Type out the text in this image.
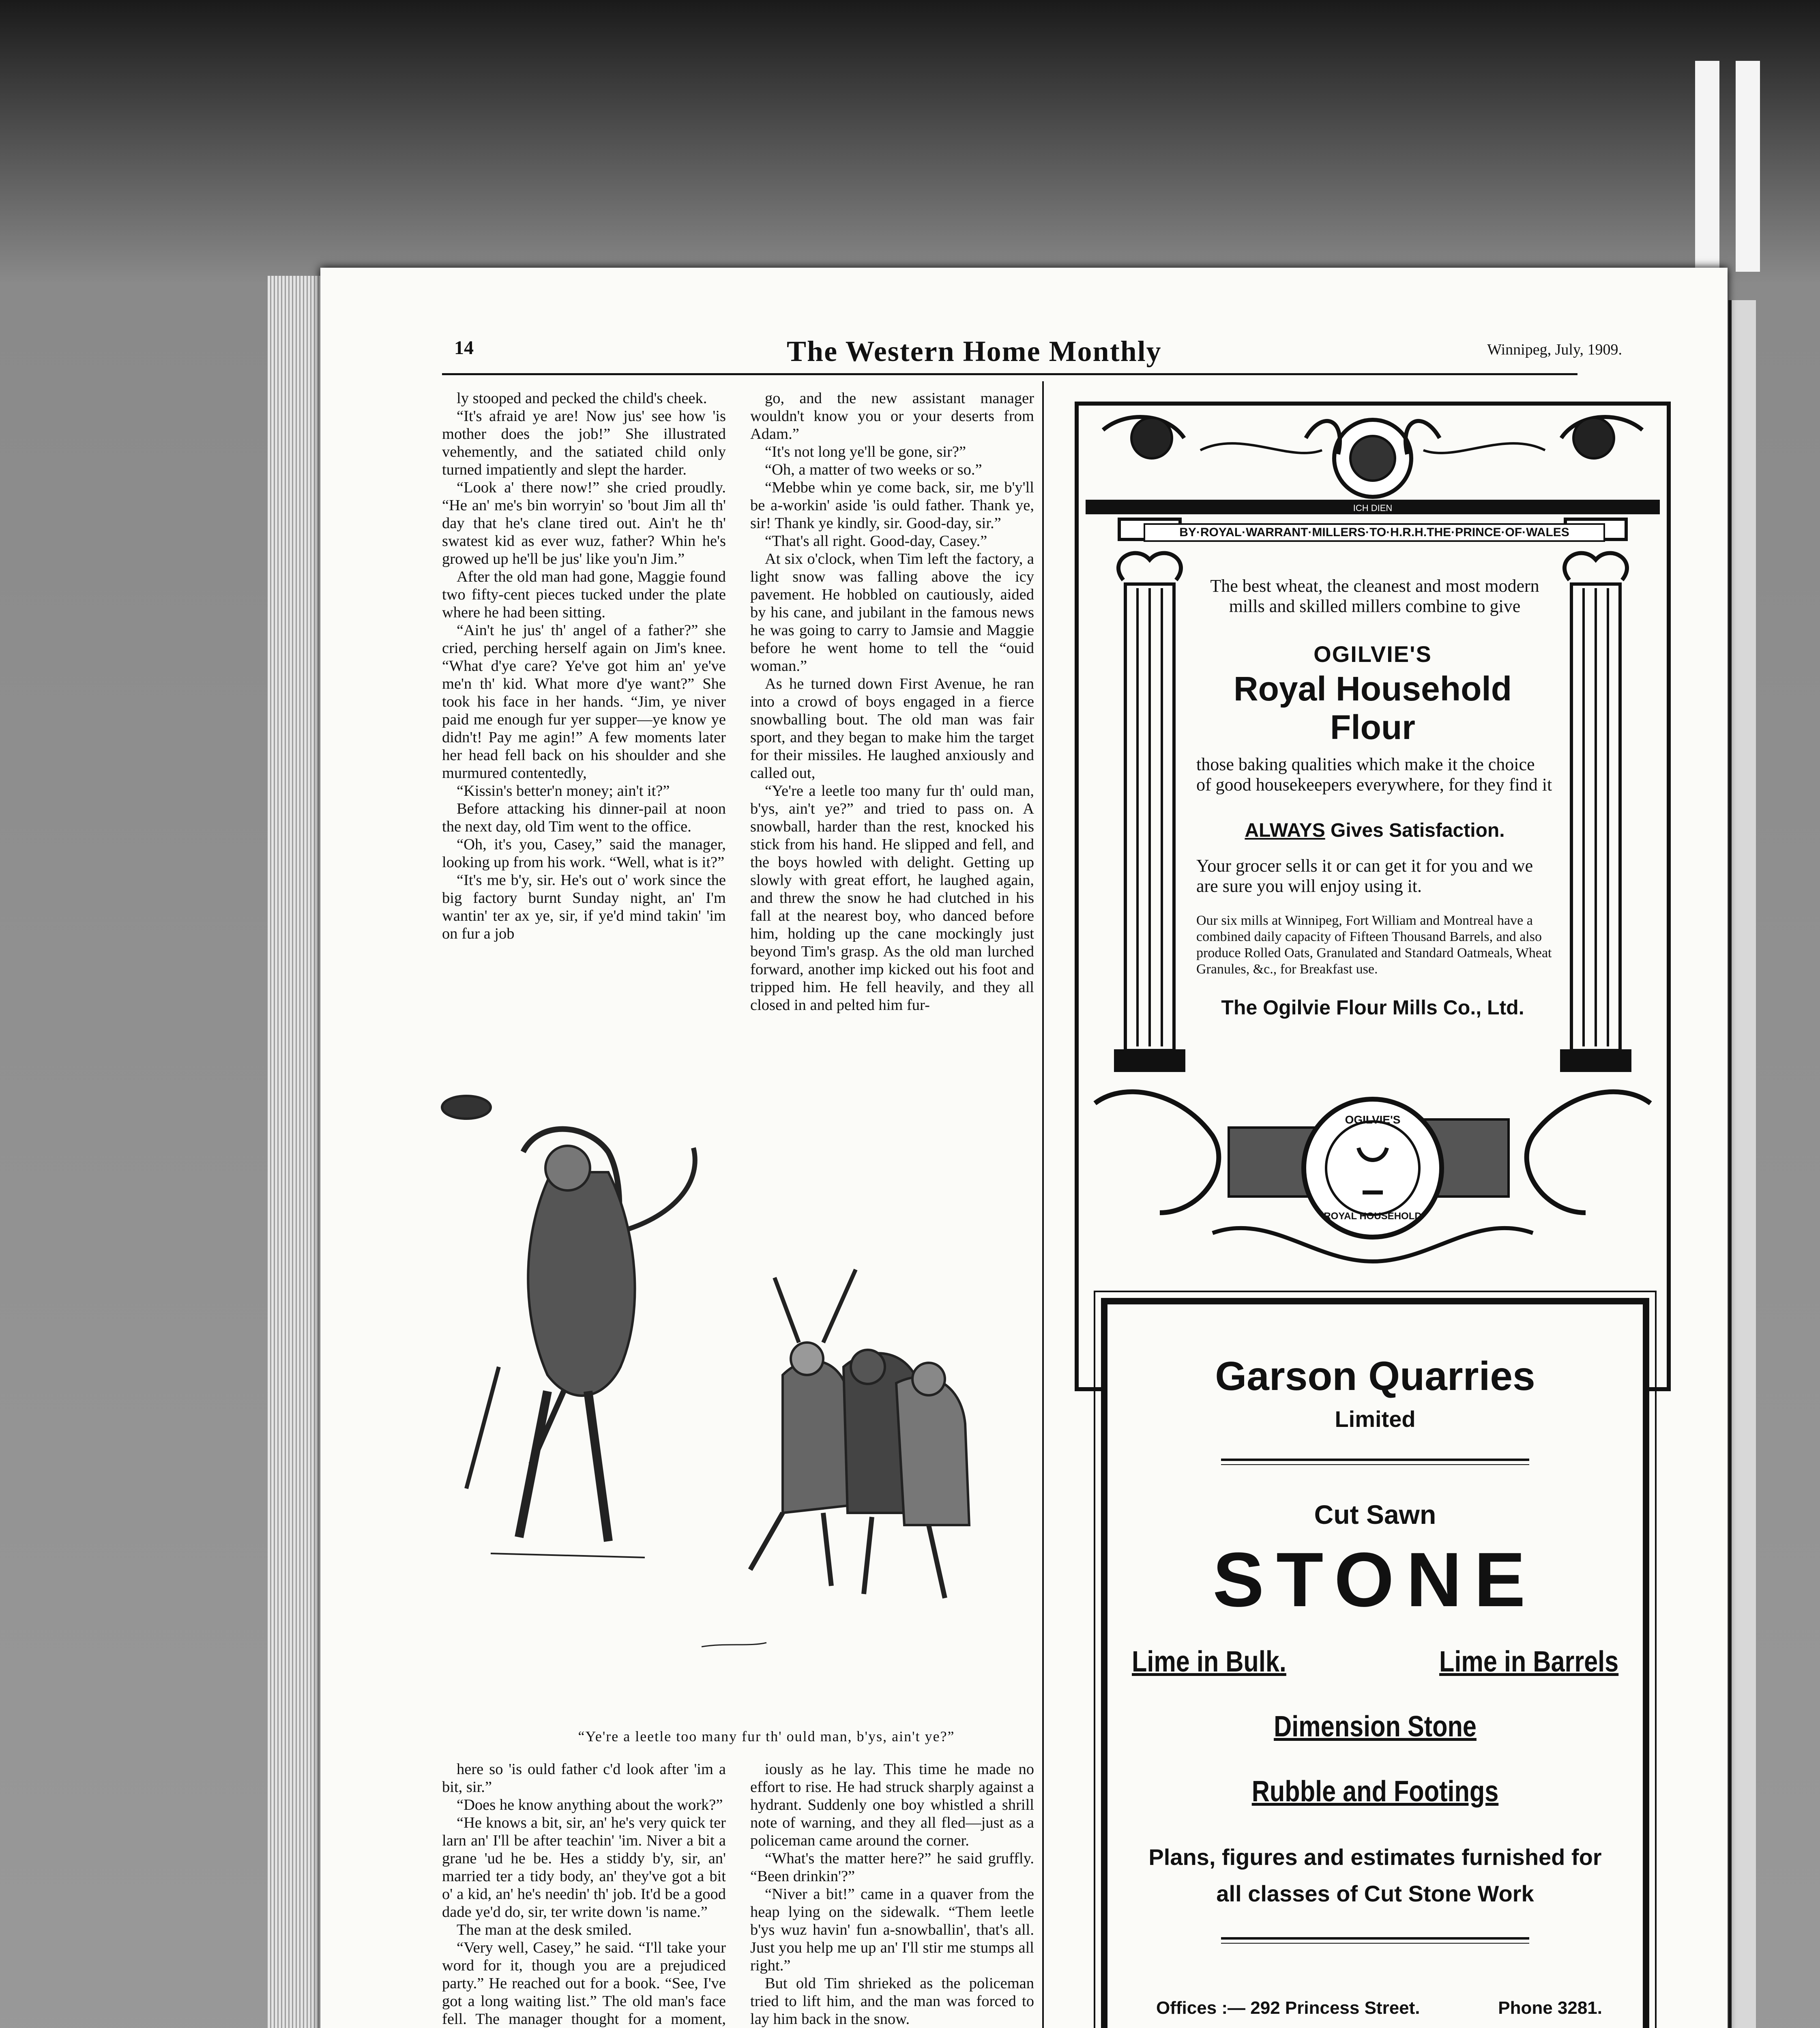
14	The Western Home Monthly	Winnipeg, July, 1909.

ly stooped and pecked the child's cheek.

“It's afraid ye are! Now jus' see how 'is mother does the job!” She illustrated vehemently, and the satiated child only turned impatiently and slept the harder.

“Look a' there now!” she cried proudly. “He an' me's bin worryin' so 'bout Jim all th' day that he's clane tired out. Ain't he th' swatest kid as ever wuz, father? Whin he's growed up he'll be jus' like you'n Jim.”

After the old man had gone, Maggie found two fifty-cent pieces tucked under the plate where he had been sitting.

“Ain't he jus' th' angel of a father?” she cried, perching herself again on Jim's knee. “What d'ye care? Ye've got him an' ye've me'n th' kid. What more d'ye want?” She took his face in her hands. “Jim, ye niver paid me enough fur yer supper—ye know ye didn't! Pay me agin!” A few moments later her head fell back on his shoulder and she murmured contentedly,

“Kissin's better'n money; ain't it?”

Before attacking his dinner-pail at noon the next day, old Tim went to the office.

“Oh, it's you, Casey,” said the manager, looking up from his work. “Well, what is it?”

“It's me b'y, sir. He's out o' work since the big factory burnt Sunday night, an' I'm wantin' ter ax ye, sir, if ye'd mind takin' 'im on fur a job

go, and the new assistant manager wouldn't know you or your deserts from Adam.”

“It's not long ye'll be gone, sir?”

“Oh, a matter of two weeks or so.”

“Mebbe whin ye come back, sir, me b'y'll be a-workin' aside 'is ould father. Thank ye, sir! Thank ye kindly, sir. Good-day, sir.”

“That's all right. Good-day, Casey.”

At six o'clock, when Tim left the factory, a light snow was falling above the icy pavement. He hobbled on cautiously, aided by his cane, and jubilant in the famous news he was going to carry to Jamsie and Maggie before he went home to tell the “ouid woman.”

As he turned down First Avenue, he ran into a crowd of boys engaged in a fierce snowballing bout. The old man was fair sport, and they began to make him the target for their missiles. He laughed anxiously and called out,

“Ye're a leetle too many fur th' ould man, b'ys, ain't ye?” and tried to pass on. A snowball, harder than the rest, knocked his stick from his hand. He slipped and fell, and the boys howled with delight. Getting up slowly with great effort, he laughed again, and threw the snow he had clutched in his fall at the nearest boy, who danced before him, holding up the cane mockingly just beyond Tim's grasp. As the old man lurched forward, another imp kicked out his foot and tripped him. He fell heavily, and they all closed in and pelted him fur-

“Ye're a leetle too many fur th' ould man, b'ys, ain't ye?”

here so 'is ould father c'd look after 'im a bit, sir.”

“Does he know anything about the work?”

“He knows a bit, sir, an' he's very quick ter larn an' I'll be after teachin' 'im. Niver a bit a grane 'ud he be. Hes a stiddy b'y, sir, an' married ter a tidy body, an' they've got a bit o' a kid, an' he's needin' th' job. It'd be a good dade ye'd do, sir, ter write down 'is name.”

The man at the desk smiled.

“Very well, Casey,” he said. “I'll take your word for it, though you are a prejudiced party.” He reached out for a book. “See, I've got a long waiting list.” The old man's face fell. The manager thought for a moment,

iously as he lay. This time he made no effort to rise. He had struck sharply against a hydrant. Suddenly one boy whistled a shrill note of warning, and they all fled—just as a policeman came around the corner.

“What's the matter here?” he said gruffly. “Been drinkin'?”

“Niver a bit!” came in a quaver from the heap lying on the sidewalk. “Them leetle b'ys wuz havin' fun a-snowballin', that's all. Just you help me up an' I'll stir me stumps all right.”

But old Tim shrieked as the policeman tried to lift him, and the man was forced to lay him back in the snow.

BY·ROYAL·WARRANT·MILLERS·TO·H.R.H.THE·PRINCE·OF·WALES
ICH DIEN
The best wheat, the cleanest and most modern mills and skilled millers combine to give
OGILVIE'S
Royal Household
Flour
those baking qualities which make it the choice of good housekeepers everywhere, for they find it
ALWAYS Gives Satisfaction.
Your grocer sells it or can get it for you and we are sure you will enjoy using it.
Our six mills at Winnipeg, Fort William and Montreal have a combined daily capacity of Fifteen Thousand Barrels, and also produce Rolled Oats, Granulated and Standard Oatmeals, Wheat Granules, &c., for Breakfast use.
The Ogilvie Flour Mills Co., Ltd.
OGILVIE'S
ROYAL HOUSEHOLD
Garson Quarries
Limited
Cut Sawn
STONE
Lime in Bulk.	Lime in Barrels
Dimension Stone
Rubble and Footings
Plans, figures and estimates furnished for
all classes of Cut Stone Work
Offices :— 292 Princess Street.	Phone 3281.
